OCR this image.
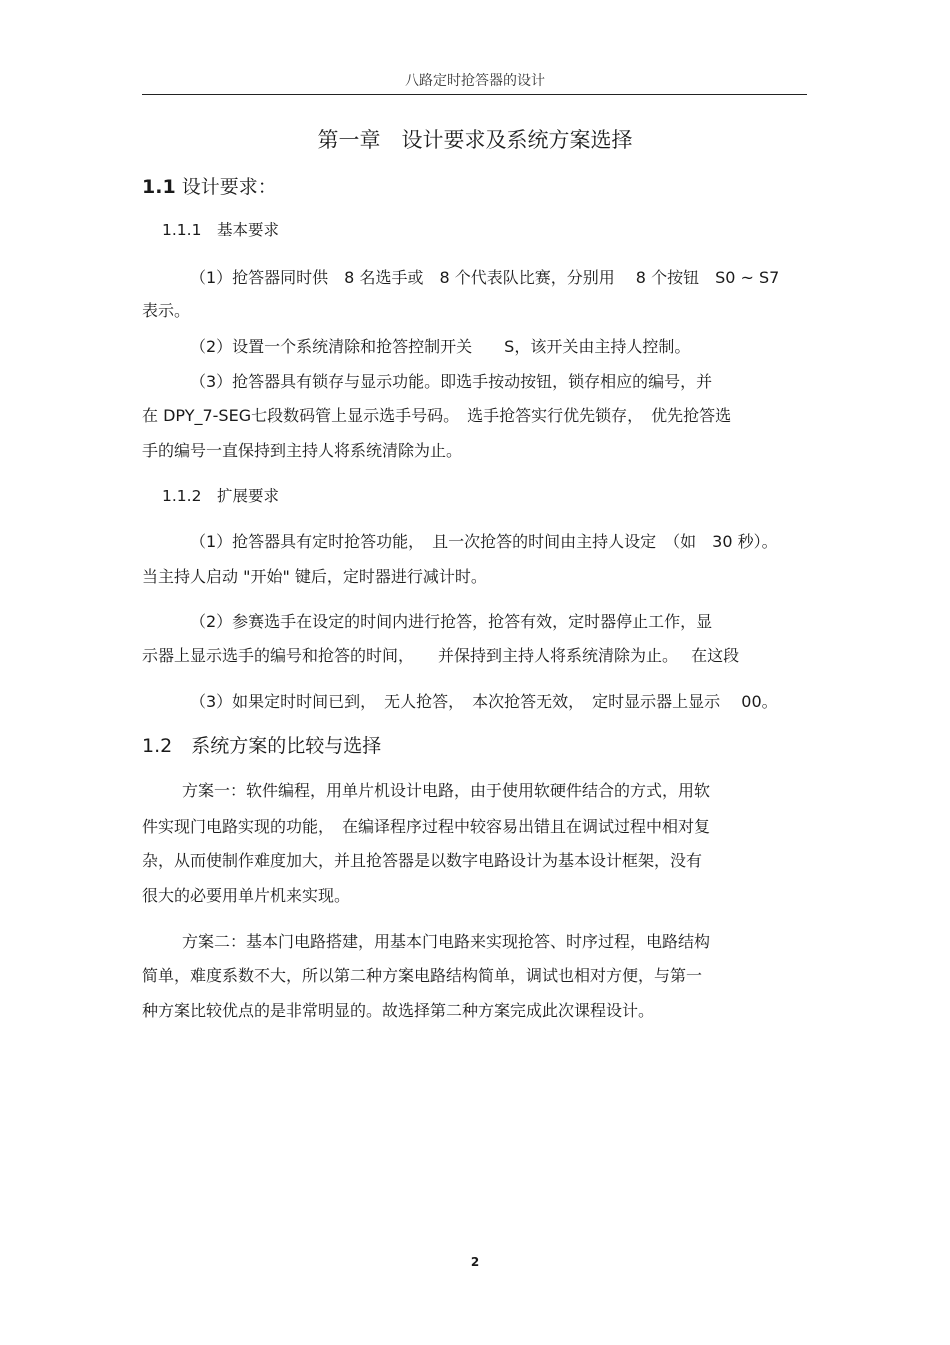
八路定时抢答器的设计
第一章　设计要求及系统方案选择
1.1 设计要求：
1.1.1　基本要求
（1）抢答器同时供　8 名选手或　8 个代表队比赛，分别用　 8 个按钮　S0 ~ S7
表示。
（2）设置一个系统清除和抢答控制开关　　S，该开关由主持人控制。
（3）抢答器具有锁存与显示功能。即选手按动按钮，锁存相应的编号，并
在 DPY_7-SEG七段数码管上显示选手号码。　选手抢答实行优先锁存，　优先抢答选
手的编号一直保持到主持人将系统清除为止。
1.1.2　扩展要求
（1）抢答器具有定时抢答功能，　且一次抢答的时间由主持人设定　（如　30 秒）。
当主持人启动 "开始" 键后，定时器进行减计时。
（2）参赛选手在设定的时间内进行抢答，抢答有效，定时器停止工作，显
示器上显示选手的编号和抢答的时间，　　并保持到主持人将系统清除为止。　 在这段
（3）如果定时时间已到，　无人抢答，　本次抢答无效，　定时显示器上显示　 00。
1.2　系统方案的比较与选择
方案一：软件编程，用单片机设计电路，由于使用软硬件结合的方式，用软
件实现门电路实现的功能，　在编译程序过程中较容易出错且在调试过程中相对复
杂，从而使制作难度加大，并且抢答器是以数字电路设计为基本设计框架，没有
很大的必要用单片机来实现。
方案二：基本门电路搭建，用基本门电路来实现抢答、时序过程，电路结构
简单，难度系数不大，所以第二种方案电路结构简单，调试也相对方便，与第一
种方案比较优点的是非常明显的。故选择第二种方案完成此次课程设计。
2
